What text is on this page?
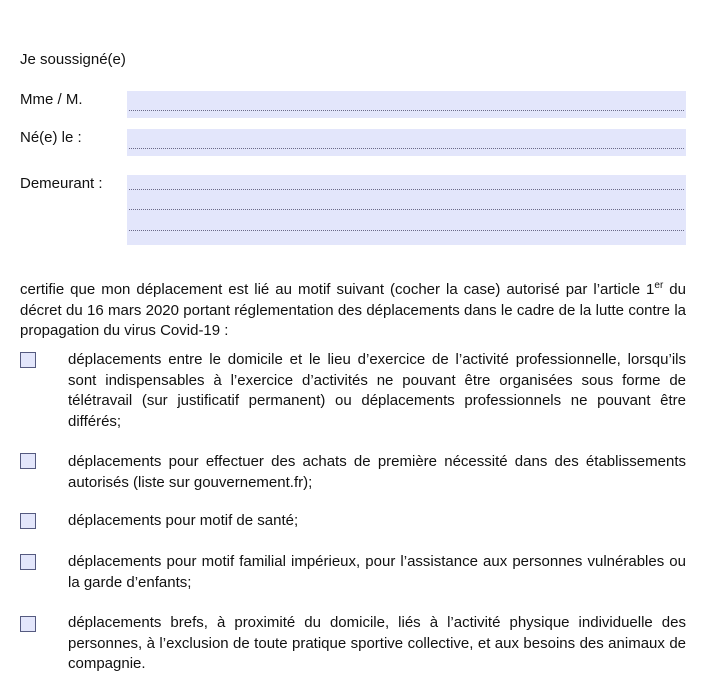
Je soussigné(e)
Mme / M.
Né(e) le :
Demeurant :
certifie que mon déplacement est lié au motif suivant (cocher la case) autorisé par l’article 1er du décret du 16 mars 2020 portant réglementation des déplacements dans le cadre de la lutte contre la propagation du virus Covid-19 :
déplacements entre le domicile et le lieu d’exercice de l’activité professionnelle, lorsqu’ils sont indispensables à l’exercice d’activités ne pouvant être organisées sous forme de télétravail (sur justificatif permanent) ou déplacements professionnels ne pouvant être différés;
déplacements pour effectuer des achats de première nécessité dans des établissements autorisés (liste sur gouvernement.fr);
déplacements pour motif de santé;
déplacements pour motif familial impérieux, pour l’assistance aux personnes vulnérables ou la garde d’enfants;
déplacements brefs, à proximité du domicile, liés à l’activité physique individuelle des personnes, à l’exclusion de toute pratique sportive collective, et aux besoins des animaux de compagnie.
